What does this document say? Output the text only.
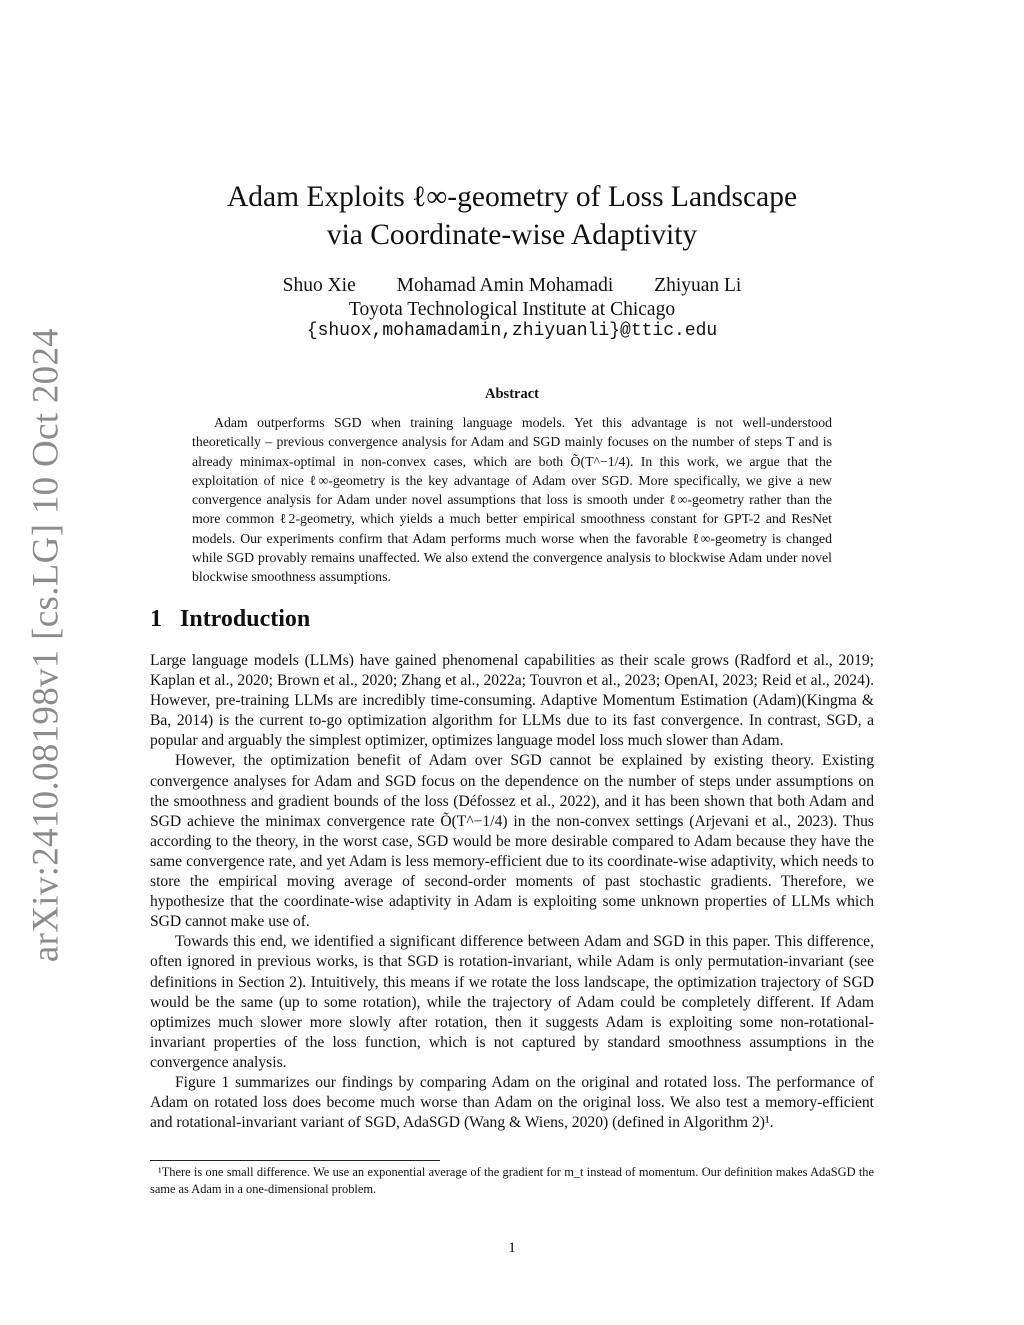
arXiv:2410.08198v1 [cs.LG] 10 Oct 2024
Adam Exploits ℓ∞-geometry of Loss Landscape
via Coordinate-wise Adaptivity
Shuo Xie Mohamad Amin Mohamadi Zhiyuan Li
Toyota Technological Institute at Chicago
{shuox,mohamadamin,zhiyuanli}@ttic.edu
Abstract

Adam outperforms SGD when training language models. Yet this advantage is not well-understood theoretically – previous convergence analysis for Adam and SGD mainly focuses on the number of steps T and is already minimax-optimal in non-convex cases, which are both Õ(T^−1/4). In this work, we argue that the exploitation of nice ℓ∞-geometry is the key advantage of Adam over SGD. More specifically, we give a new convergence analysis for Adam under novel assumptions that loss is smooth under ℓ∞-geometry rather than the more common ℓ2-geometry, which yields a much better empirical smoothness constant for GPT-2 and ResNet models. Our experiments confirm that Adam performs much worse when the favorable ℓ∞-geometry is changed while SGD provably remains unaffected. We also extend the convergence analysis to blockwise Adam under novel blockwise smoothness assumptions.

1 Introduction

Large language models (LLMs) have gained phenomenal capabilities as their scale grows (Radford et al., 2019; Kaplan et al., 2020; Brown et al., 2020; Zhang et al., 2022a; Touvron et al., 2023; OpenAI, 2023; Reid et al., 2024). However, pre-training LLMs are incredibly time-consuming. Adaptive Momentum Estimation (Adam)(Kingma & Ba, 2014) is the current to-go optimization algorithm for LLMs due to its fast convergence. In contrast, SGD, a popular and arguably the simplest optimizer, optimizes language model loss much slower than Adam.

However, the optimization benefit of Adam over SGD cannot be explained by existing theory. Existing convergence analyses for Adam and SGD focus on the dependence on the number of steps under assumptions on the smoothness and gradient bounds of the loss (Défossez et al., 2022), and it has been shown that both Adam and SGD achieve the minimax convergence rate Õ(T^−1/4) in the non-convex settings (Arjevani et al., 2023). Thus according to the theory, in the worst case, SGD would be more desirable compared to Adam because they have the same convergence rate, and yet Adam is less memory-efficient due to its coordinate-wise adaptivity, which needs to store the empirical moving average of second-order moments of past stochastic gradients. Therefore, we hypothesize that the coordinate-wise adaptivity in Adam is exploiting some unknown properties of LLMs which SGD cannot make use of.

Towards this end, we identified a significant difference between Adam and SGD in this paper. This difference, often ignored in previous works, is that SGD is rotation-invariant, while Adam is only permutation-invariant (see definitions in Section 2). Intuitively, this means if we rotate the loss landscape, the optimization trajectory of SGD would be the same (up to some rotation), while the trajectory of Adam could be completely different. If Adam optimizes much slower more slowly after rotation, then it suggests Adam is exploiting some non-rotational-invariant properties of the loss function, which is not captured by standard smoothness assumptions in the convergence analysis.

Figure 1 summarizes our findings by comparing Adam on the original and rotated loss. The performance of Adam on rotated loss does become much worse than Adam on the original loss. We also test a memory-efficient and rotational-invariant variant of SGD, AdaSGD (Wang & Wiens, 2020) (defined in Algorithm 2)¹.

¹There is one small difference. We use an exponential average of the gradient for m_t instead of momentum. Our definition makes AdaSGD the same as Adam in a one-dimensional problem.

1
